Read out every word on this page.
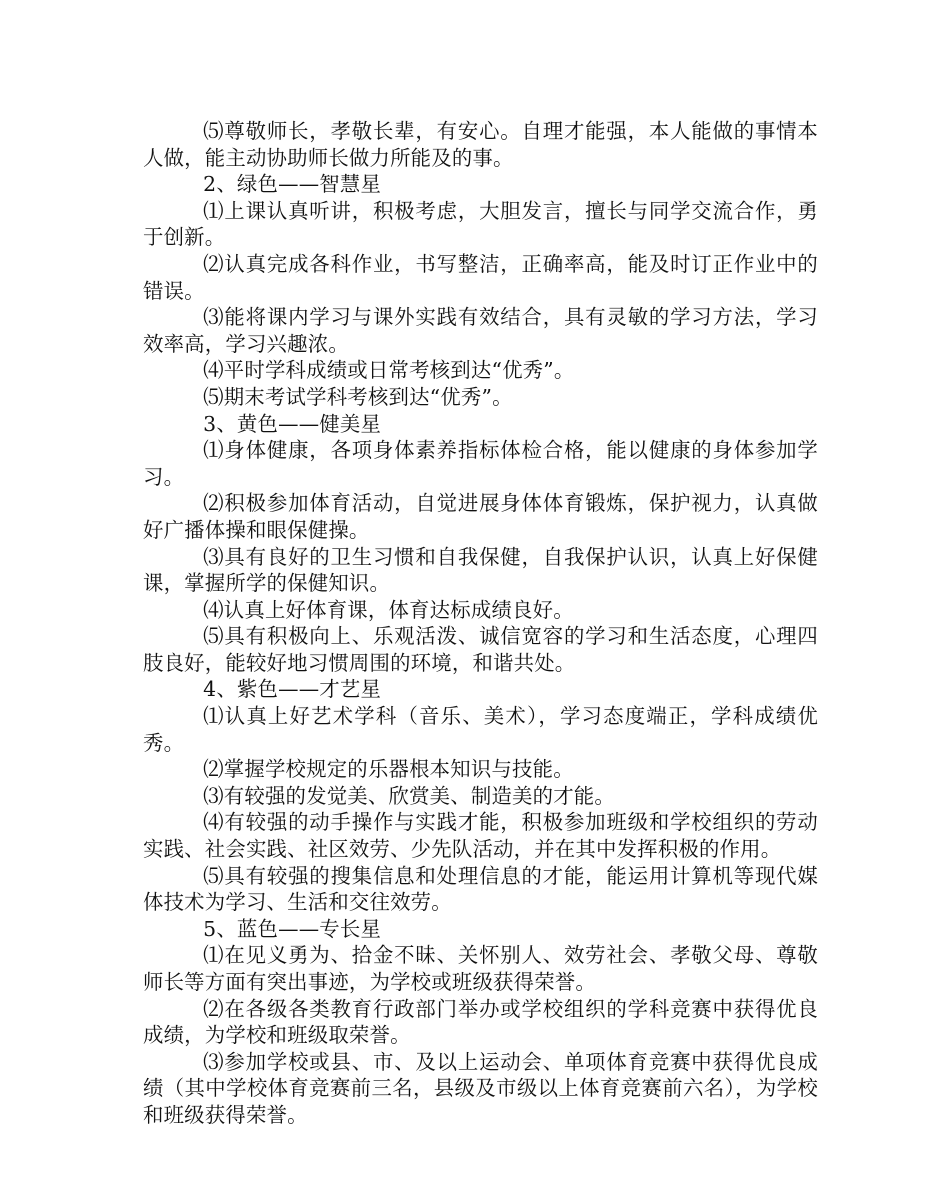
⑸尊敬师长，孝敬长辈，有安心。自理才能强，本人能做的事情本人做，能主动协助师长做力所能及的事。

2、绿色——智慧星

⑴上课认真听讲，积极考虑，大胆发言，擅长与同学交流合作，勇于创新。

⑵认真完成各科作业，书写整洁，正确率高，能及时订正作业中的错误。

⑶能将课内学习与课外实践有效结合，具有灵敏的学习方法，学习效率高，学习兴趣浓。

⑷平时学科成绩或日常考核到达“优秀”。

⑸期末考试学科考核到达“优秀”。

3、黄色——健美星

⑴身体健康，各项身体素养指标体检合格，能以健康的身体参加学习。

⑵积极参加体育活动，自觉进展身体体育锻炼，保护视力，认真做好广播体操和眼保健操。

⑶具有良好的卫生习惯和自我保健，自我保护认识，认真上好保健课，掌握所学的保健知识。

⑷认真上好体育课，体育达标成绩良好。

⑸具有积极向上、乐观活泼、诚信宽容的学习和生活态度，心理四肢良好，能较好地习惯周围的环境，和谐共处。

4、紫色——才艺星

⑴认真上好艺术学科（音乐、美术），学习态度端正，学科成绩优秀。

⑵掌握学校规定的乐器根本知识与技能。

⑶有较强的发觉美、欣赏美、制造美的才能。

⑷有较强的动手操作与实践才能，积极参加班级和学校组织的劳动实践、社会实践、社区效劳、少先队活动，并在其中发挥积极的作用。

⑸具有较强的搜集信息和处理信息的才能，能运用计算机等现代媒体技术为学习、生活和交往效劳。

5、蓝色——专长星

⑴在见义勇为、拾金不昧、关怀别人、效劳社会、孝敬父母、尊敬师长等方面有突出事迹，为学校或班级获得荣誉。

⑵在各级各类教育行政部门举办或学校组织的学科竞赛中获得优良成绩，为学校和班级取荣誉。

⑶参加学校或县、市、及以上运动会、单项体育竞赛中获得优良成绩（其中学校体育竞赛前三名，县级及市级以上体育竞赛前六名），为学校和班级获得荣誉。
